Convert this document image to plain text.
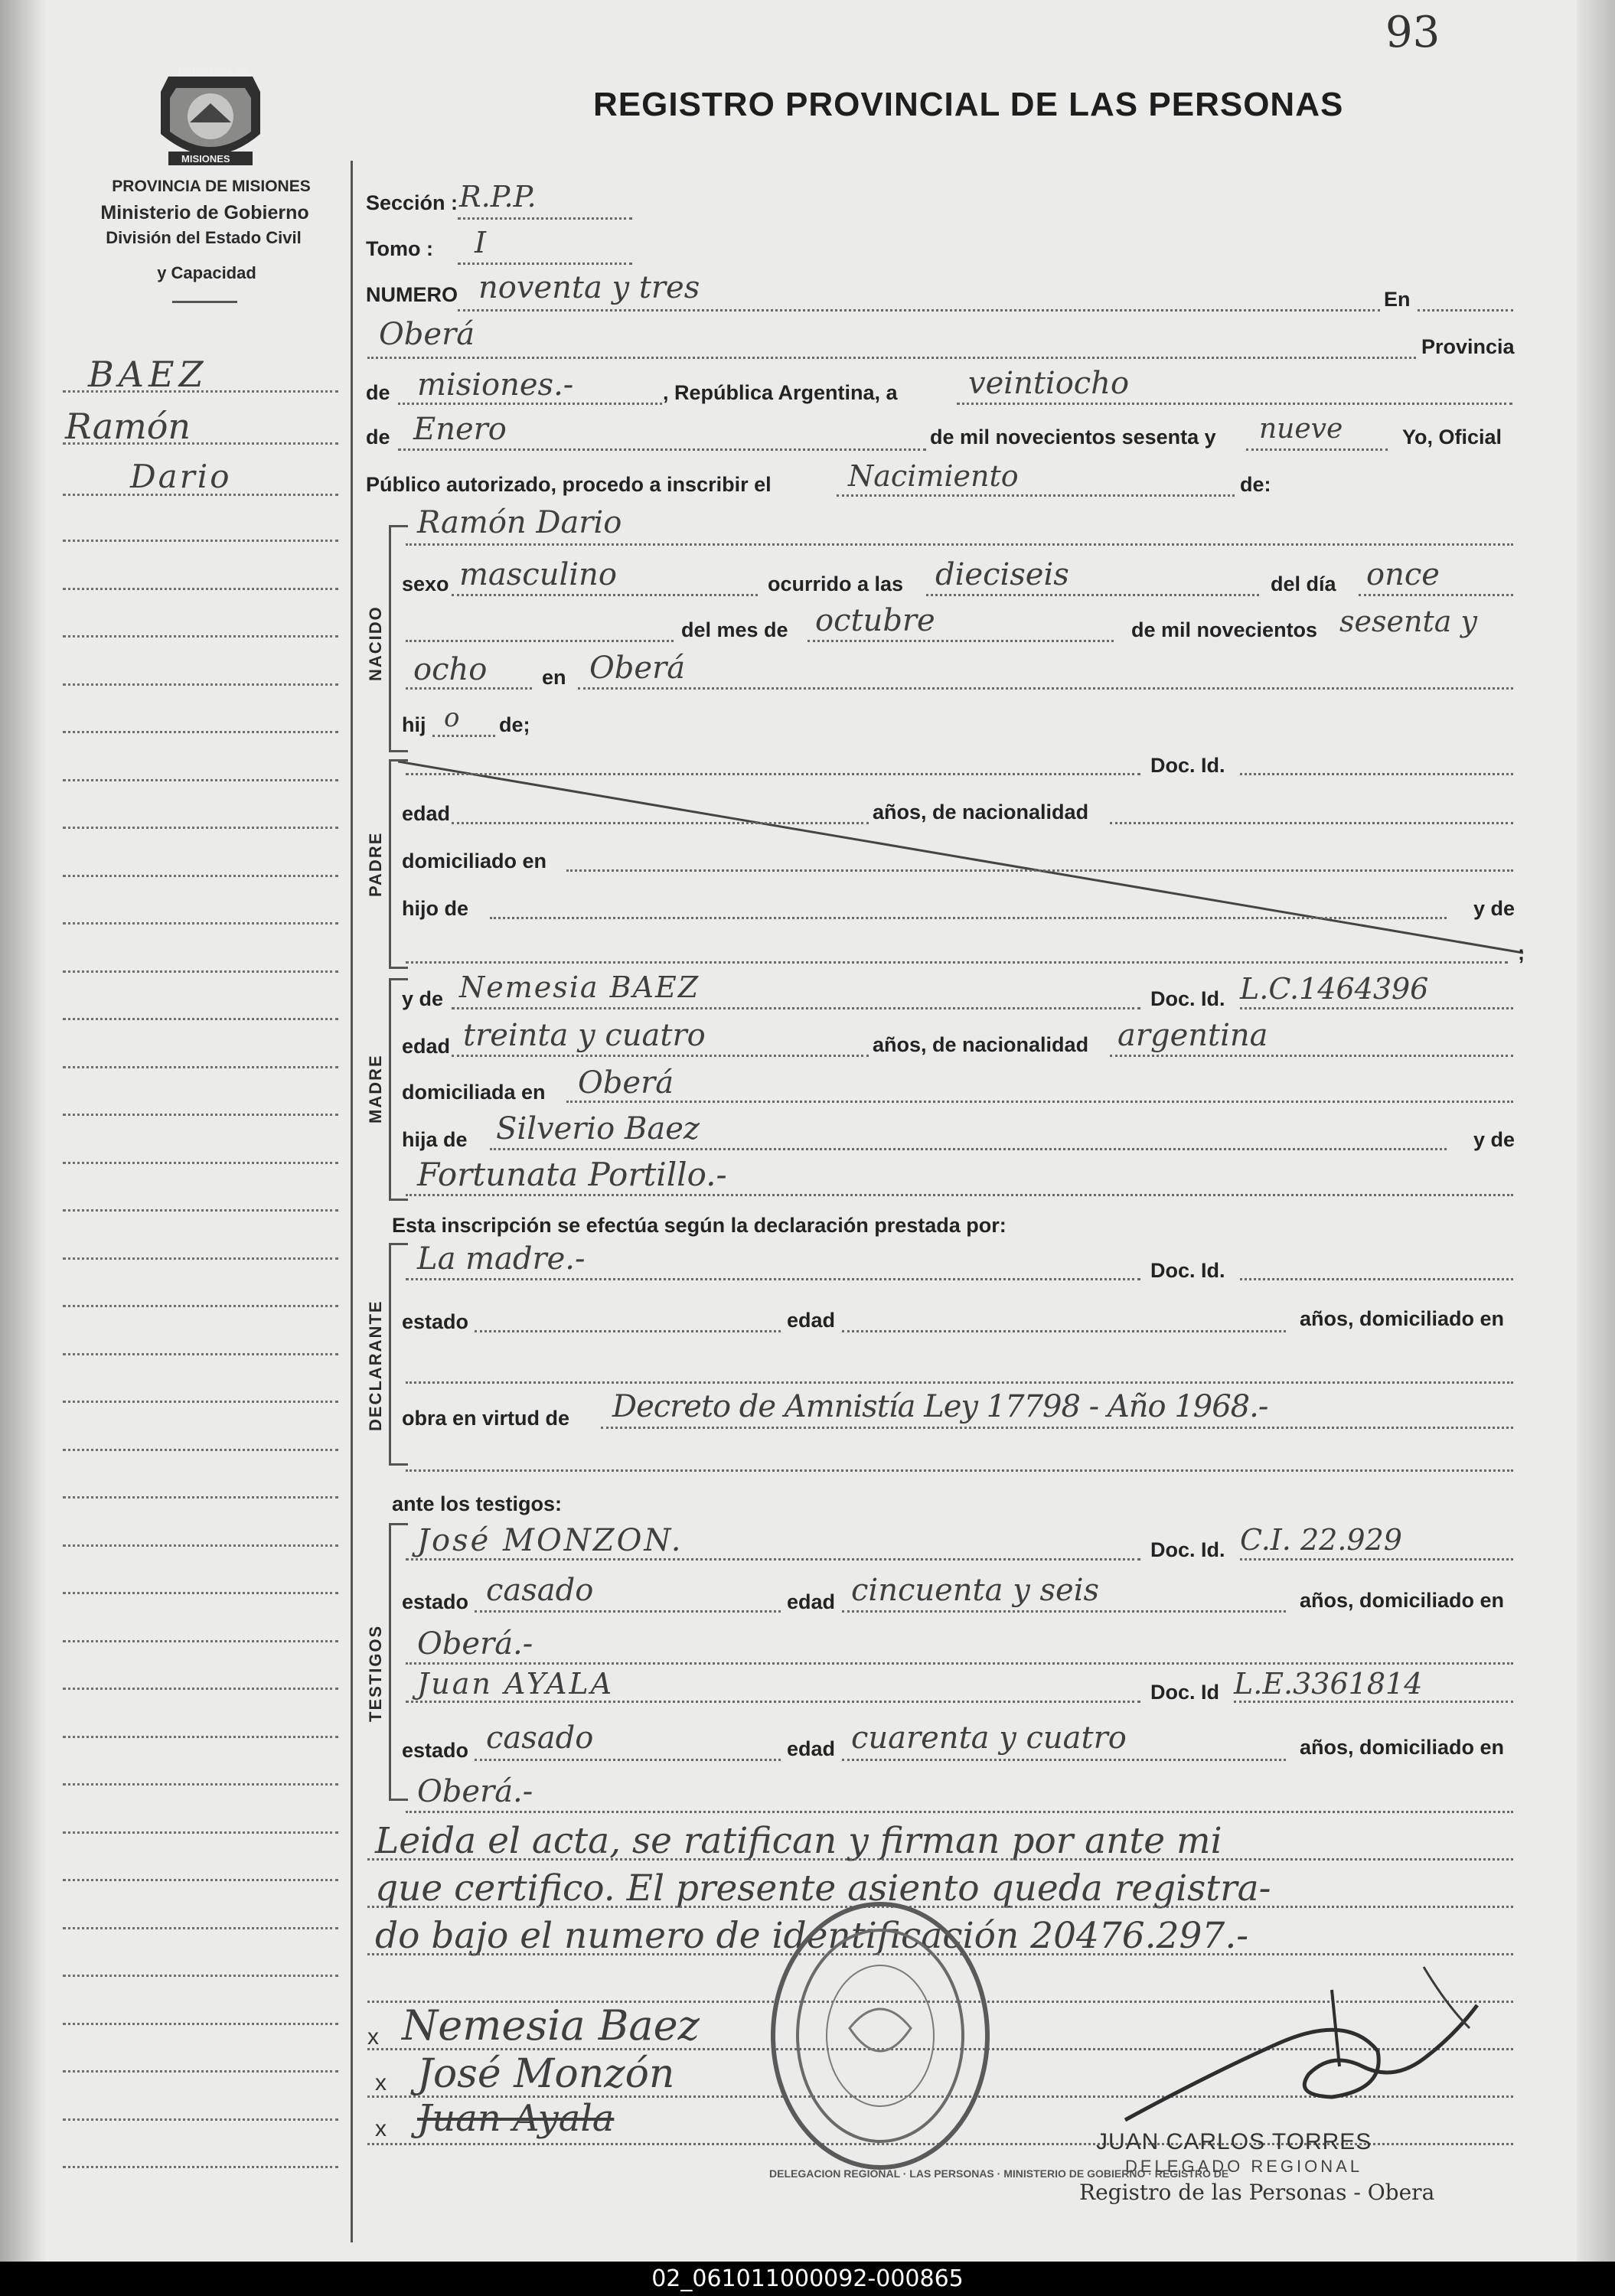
93
PROVINCIA DE
MISIONES
PROVINCIA DE MISIONES
Ministerio de Gobierno
División del Estado Civil
y Capacidad
REGISTRO PROVINCIAL DE LAS PERSONAS
BAEZ
Ramón
Dario
Sección : R.P.P.
Tomo : I
NUMERO noventa y tres	En
Oberá	Provincia
de misiones.-	, República Argentina, a veintiocho
de Enero	de mil novecientos sesenta y nueve	Yo, Oficial
Público autorizado, procedo a inscribir el	Nacimiento	de:
NACIDO
Ramón Dario
sexo masculino	ocurrido a las dieciseis	del día once
del mes de octubre	de mil novecientos sesenta y
ocho	en Oberá
hij o de;
PADRE
Doc. Id.
edad	años, de nacionalidad
domiciliado en
hijo de	y de
;
MADRE
y de Nemesia BAEZ	Doc. Id. L.C.1464396
edad treinta y cuatro	años, de nacionalidad argentina
domiciliada en Oberá
hija de Silverio Baez	y de
Fortunata Portillo.-
Esta inscripción se efectúa según la declaración prestada por:
DECLARANTE
La madre.-	Doc. Id.
estado	edad	años, domiciliado en
obra en virtud de Decreto de Amnistía Ley 17798 - Año 1968.-
ante los testigos:
TESTIGOS
José MONZON.	Doc. Id. C.I. 22.929
estado casado	edad cincuenta y seis	años, domiciliado en
Oberá.-
Juan AYALA	Doc. Id L.E.3361814
estado casado	edad cuarenta y cuatro	años, domiciliado en
Oberá.-
Leida el acta, se ratifican y firman por ante mi
que certifico. El presente asiento queda registra-
do bajo el numero de identificación 20476.297.-
DELEGACION REGIONAL · LAS PERSONAS · MINISTERIO DE GOBIERNO · REGISTRO DE
x Nemesia Baez
x José Monzón
x Juan Ayala
JUAN CARLOS TORRES
DELEGADO REGIONAL
Registro de las Personas - Obera
02_061011000092-000865
